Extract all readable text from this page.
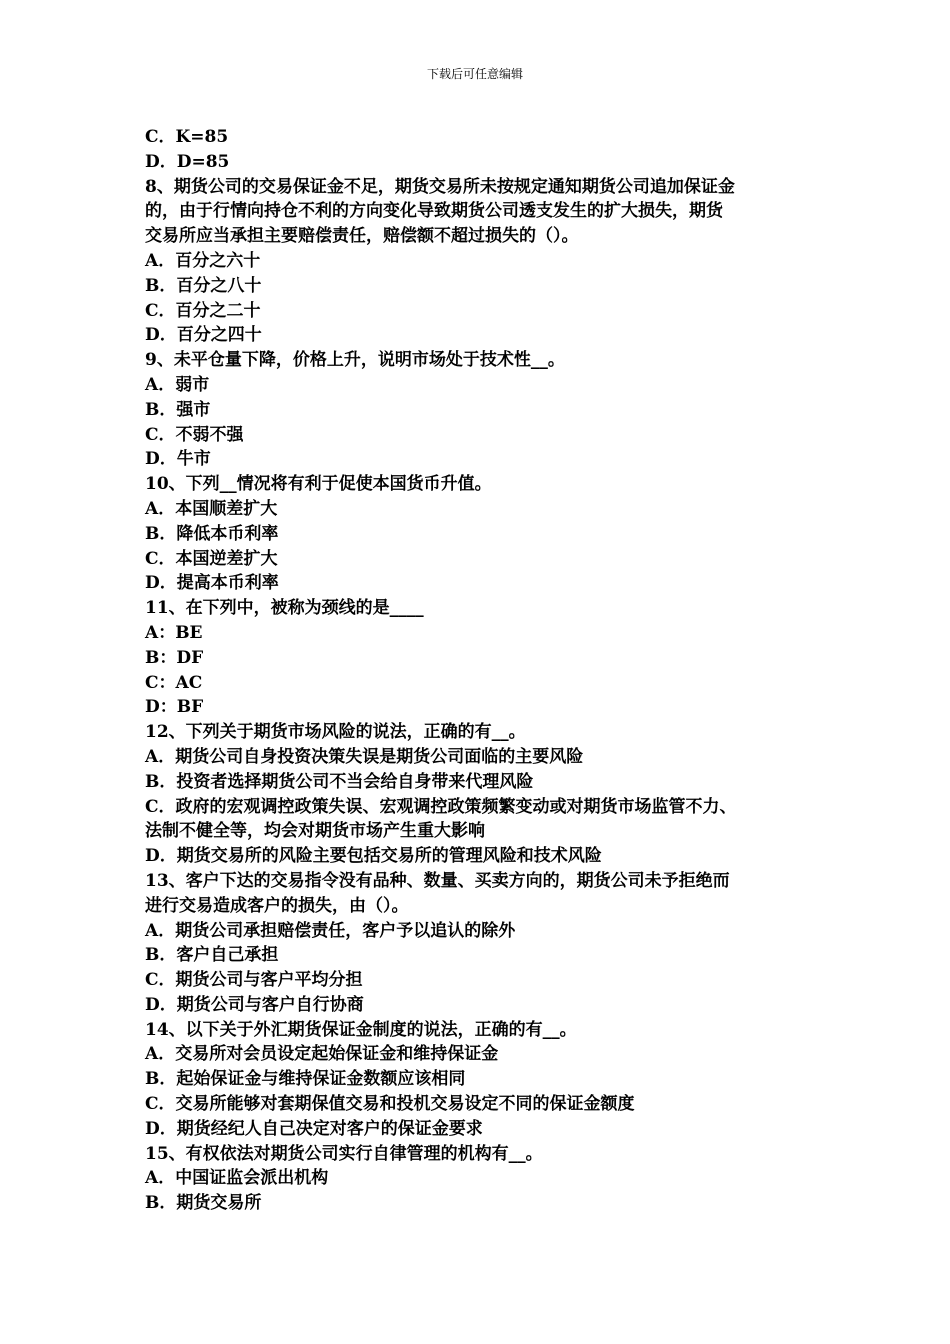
下载后可任意编辑
C．K=85
D．D=85
8、期货公司的交易保证金不足，期货交易所未按规定通知期货公司追加保证金
的，由于行情向持仓不利的方向变化导致期货公司透支发生的扩大损失，期货
交易所应当承担主要赔偿责任，赔偿额不超过损失的（）。
A．百分之六十
B．百分之八十
C．百分之二十
D．百分之四十
9、未平仓量下降，价格上升，说明市场处于技术性__。
A．弱市
B．强市
C．不弱不强
D．牛市
10、下列__情况将有利于促使本国货币升值。
A．本国顺差扩大
B．降低本币利率
C．本国逆差扩大
D．提高本币利率
11、在下列中，被称为颈线的是____
A：BE
B：DF
C：AC
D：BF
12、下列关于期货市场风险的说法，正确的有__。
A．期货公司自身投资决策失误是期货公司面临的主要风险
B．投资者选择期货公司不当会给自身带来代理风险
C．政府的宏观调控政策失误、宏观调控政策频繁变动或对期货市场监管不力、
法制不健全等，均会对期货市场产生重大影响
D．期货交易所的风险主要包括交易所的管理风险和技术风险
13、客户下达的交易指令没有品种、数量、买卖方向的，期货公司未予拒绝而
进行交易造成客户的损失，由（）。
A．期货公司承担赔偿责任，客户予以追认的除外
B．客户自己承担
C．期货公司与客户平均分担
D．期货公司与客户自行协商
14、以下关于外汇期货保证金制度的说法，正确的有__。
A．交易所对会员设定起始保证金和维持保证金
B．起始保证金与维持保证金数额应该相同
C．交易所能够对套期保值交易和投机交易设定不同的保证金额度
D．期货经纪人自己决定对客户的保证金要求
15、有权依法对期货公司实行自律管理的机构有__。
A．中国证监会派出机构
B．期货交易所
